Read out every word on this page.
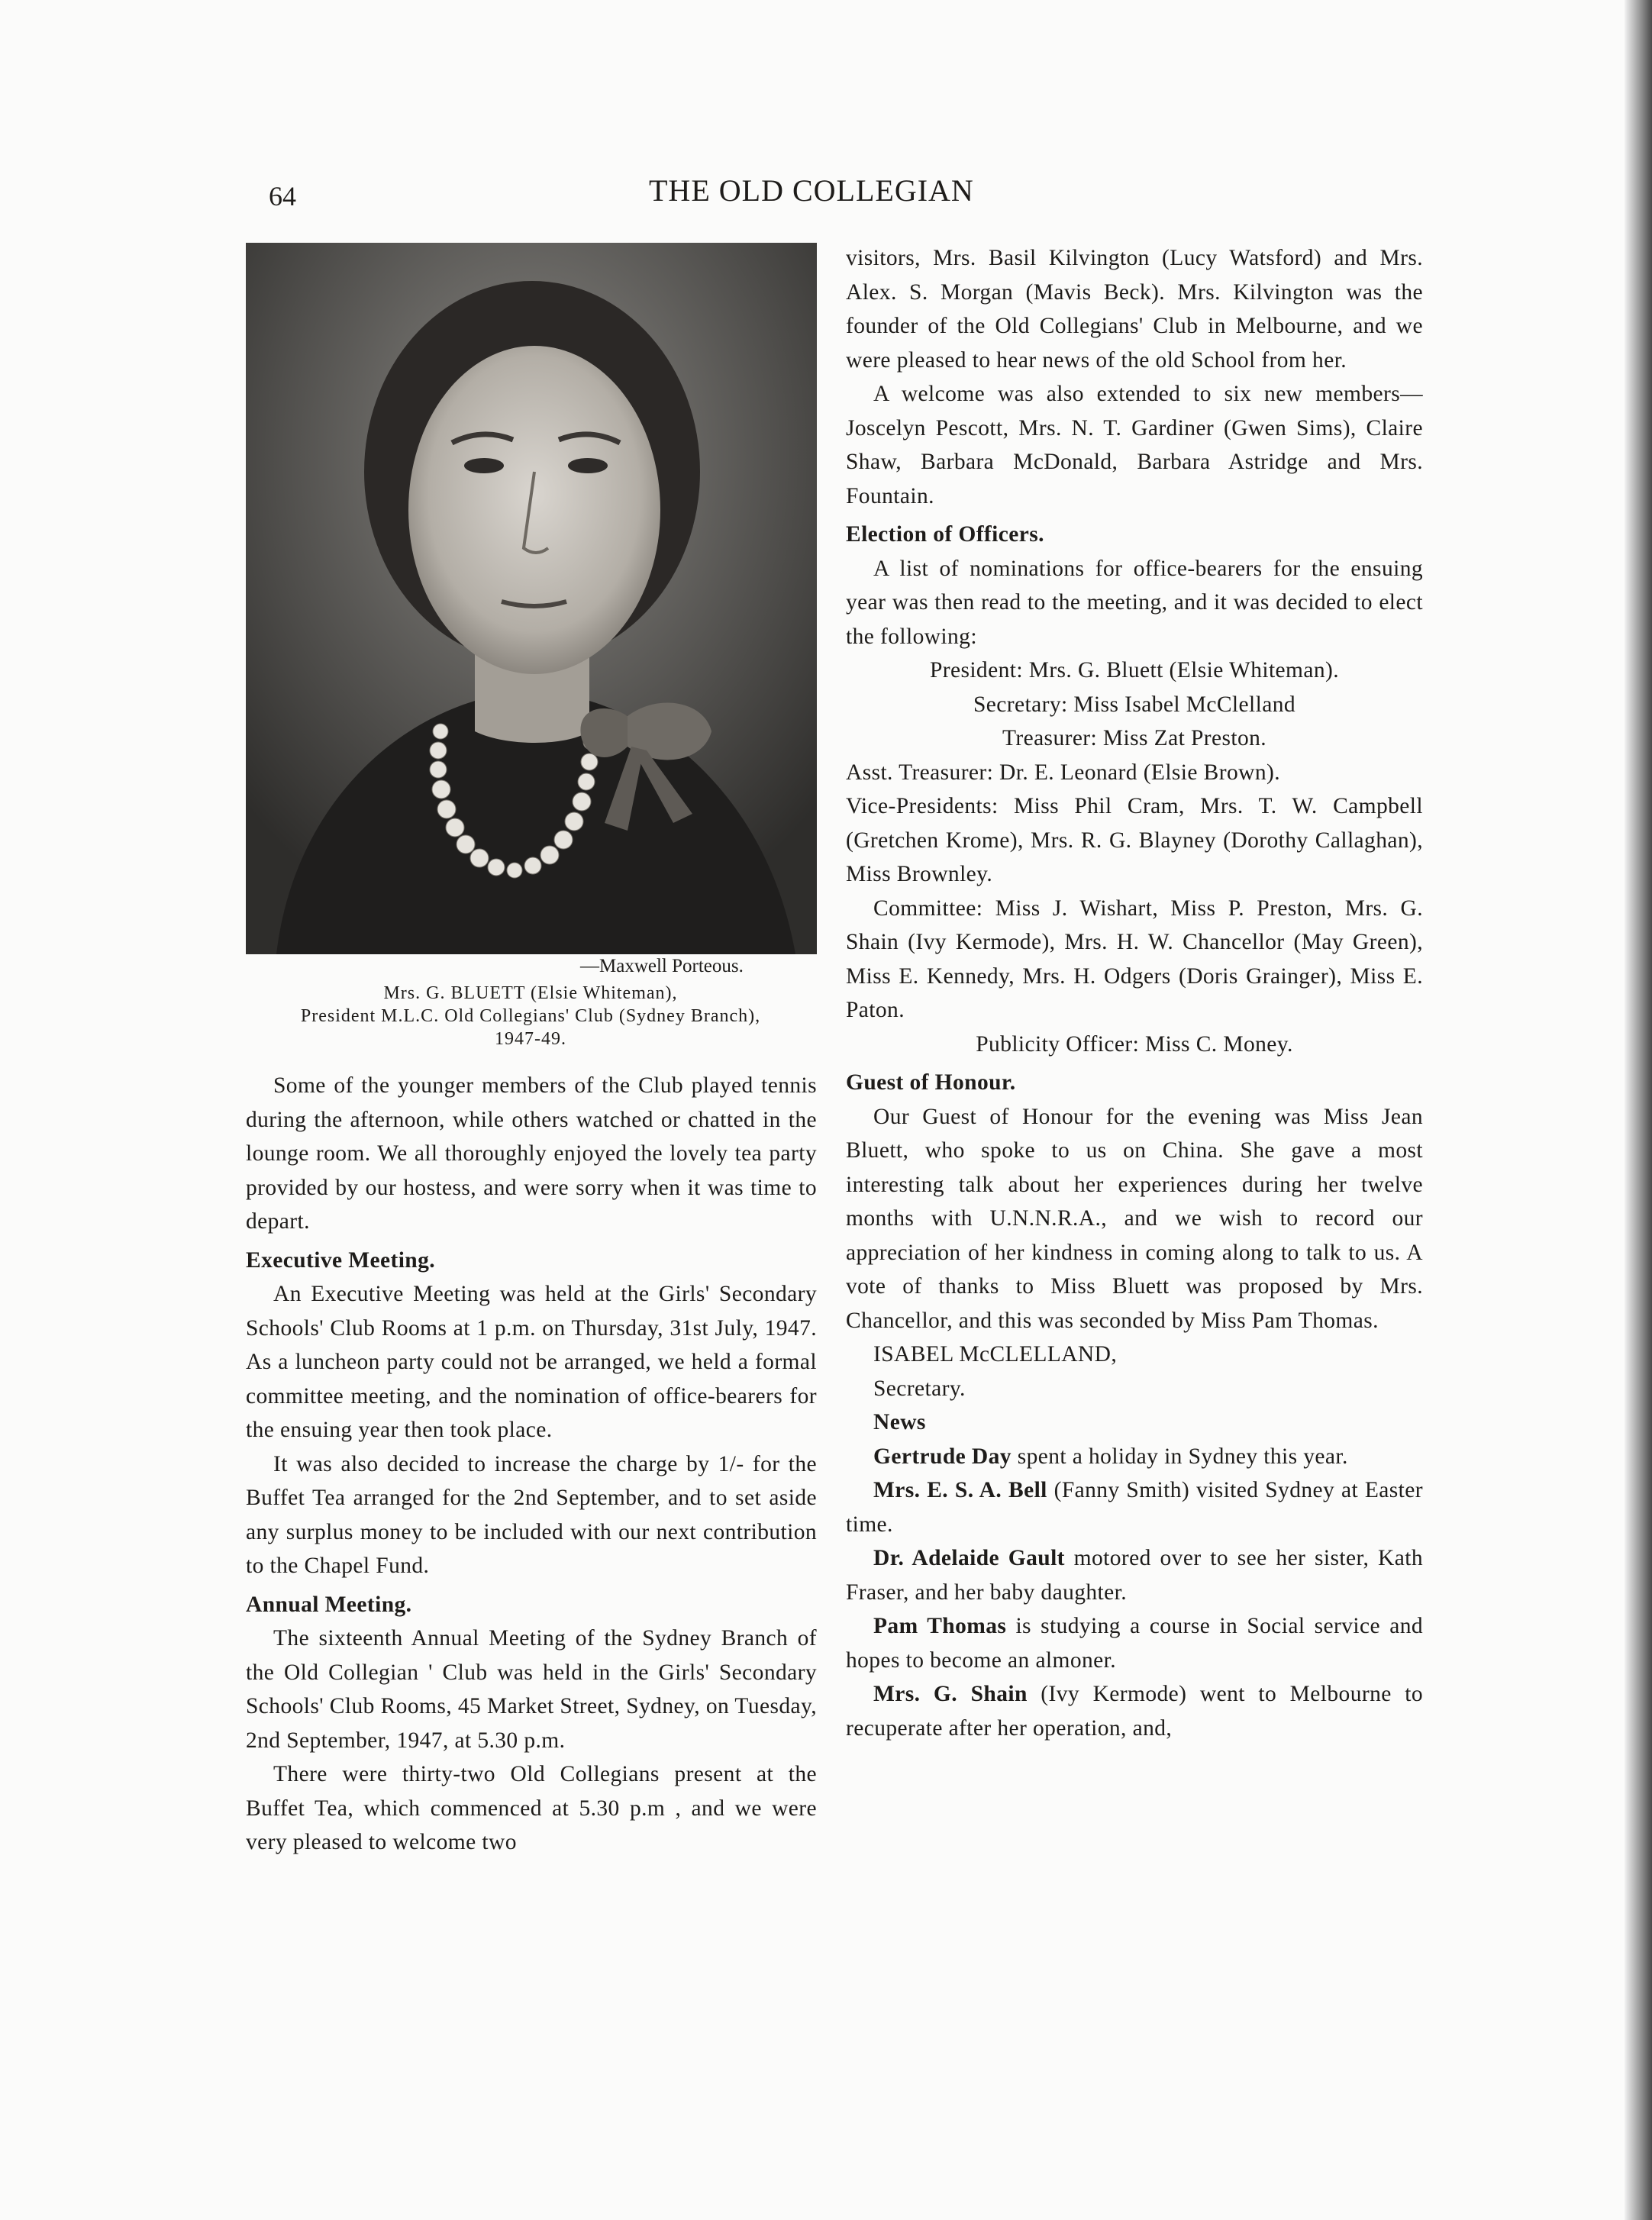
64	THE OLD COLLEGIAN
—Maxwell Porteous.
Mrs. G. BLUETT (Elsie Whiteman),
President M.L.C. Old Collegians' Club (Sydney Branch),
1947-49.

Some of the younger members of the Club played tennis during the afternoon, while others watched or chatted in the lounge room. We all thoroughly enjoyed the lovely tea party provided by our hostess, and were sorry when it was time to depart.

Executive Meeting.

An Executive Meeting was held at the Girls' Secondary Schools' Club Rooms at 1 p.m. on Thursday, 31st July, 1947. As a luncheon party could not be arranged, we held a formal committee meeting, and the nomination of office-bearers for the ensuing year then took place.

It was also decided to increase the charge by 1/- for the Buffet Tea arranged for the 2nd September, and to set aside any surplus money to be included with our next contribution to the Chapel Fund.

Annual Meeting.

The sixteenth Annual Meeting of the Sydney Branch of the Old Collegian ' Club was held in the Girls' Secondary Schools' Club Rooms, 45 Market Street, Sydney, on Tuesday, 2nd September, 1947, at 5.30 p.m.

There were thirty-two Old Collegians present at the Buffet Tea, which commenced at 5.30 p.m , and we were very pleased to welcome two

visitors, Mrs. Basil Kilvington (Lucy Watsford) and Mrs. Alex. S. Morgan (Mavis Beck). Mrs. Kilvington was the founder of the Old Collegians' Club in Melbourne, and we were pleased to hear news of the old School from her.

A welcome was also extended to six new members—Joscelyn Pescott, Mrs. N. T. Gardiner (Gwen Sims), Claire Shaw, Barbara McDonald, Barbara Astridge and Mrs. Fountain.

Election of Officers.

A list of nominations for office-bearers for the ensuing year was then read to the meeting, and it was decided to elect the following:

President: Mrs. G. Bluett (Elsie Whiteman).

Secretary: Miss Isabel McClelland

Treasurer: Miss Zat Preston.

Asst. Treasurer: Dr. E. Leonard (Elsie Brown).

Vice-Presidents: Miss Phil Cram, Mrs. T. W. Campbell (Gretchen Krome), Mrs. R. G. Blayney (Dorothy Callaghan), Miss Brownley.

Committee: Miss J. Wishart, Miss P. Preston, Mrs. G. Shain (Ivy Kermode), Mrs. H. W. Chancellor (May Green), Miss E. Kennedy, Mrs. H. Odgers (Doris Grainger), Miss E. Paton.

Publicity Officer: Miss C. Money.

Guest of Honour.

Our Guest of Honour for the evening was Miss Jean Bluett, who spoke to us on China. She gave a most interesting talk about her experiences during her twelve months with U.N.N.R.A., and we wish to record our appreciation of her kindness in coming along to talk to us. A vote of thanks to Miss Bluett was proposed by Mrs. Chancellor, and this was seconded by Miss Pam Thomas.

ISABEL McCLELLAND,

Secretary.

News

Gertrude Day spent a holiday in Sydney this year.

Mrs. E. S. A. Bell (Fanny Smith) visited Sydney at Easter time.

Dr. Adelaide Gault motored over to see her sister, Kath Fraser, and her baby daughter.

Pam Thomas is studying a course in Social service and hopes to become an almoner.

Mrs. G. Shain (Ivy Kermode) went to Melbourne to recuperate after her operation, and,
